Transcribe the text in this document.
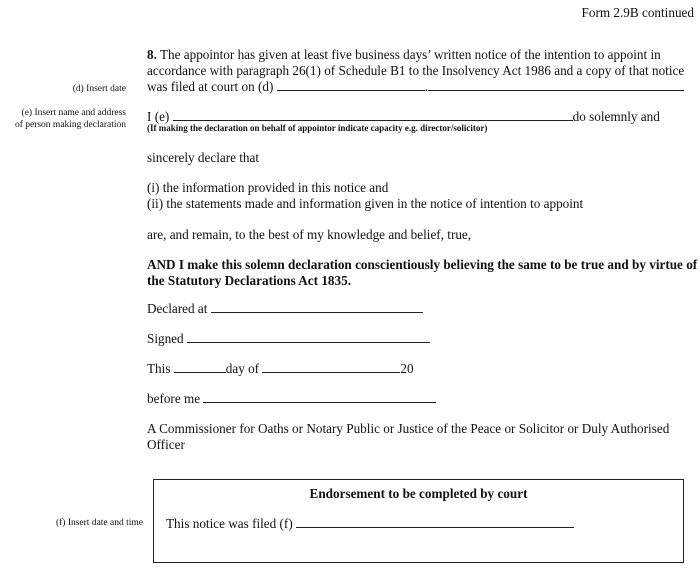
Form 2.9B continued
(d) Insert date
(e) Insert name and address
of person making declaration
(f) Insert date and time
8. The appointor has given at least five business days’ written notice of the intention to appoint in
accordance with paragraph 26(1) of Schedule B1 to the Insolvency Act 1986 and a copy of that notice
was filed at court on (d)	.
I (e)	do solemnly and
(If making the declaration on behalf of appointor indicate capacity e.g. director/solicitor)
sincerely declare that
(i) the information provided in this notice and
(ii) the statements made and information given in the notice of intention to appoint
are, and remain, to the best of my knowledge and belief, true,
AND I make this solemn declaration conscientiously believing the same to be true and by virtue of
the Statutory Declarations Act 1835.
Declared at
Signed
This	day of	20
before me
A Commissioner for Oaths or Notary Public or Justice of the Peace or Solicitor or Duly Authorised
Officer
Endorsement to be completed by court
This notice was filed (f)
